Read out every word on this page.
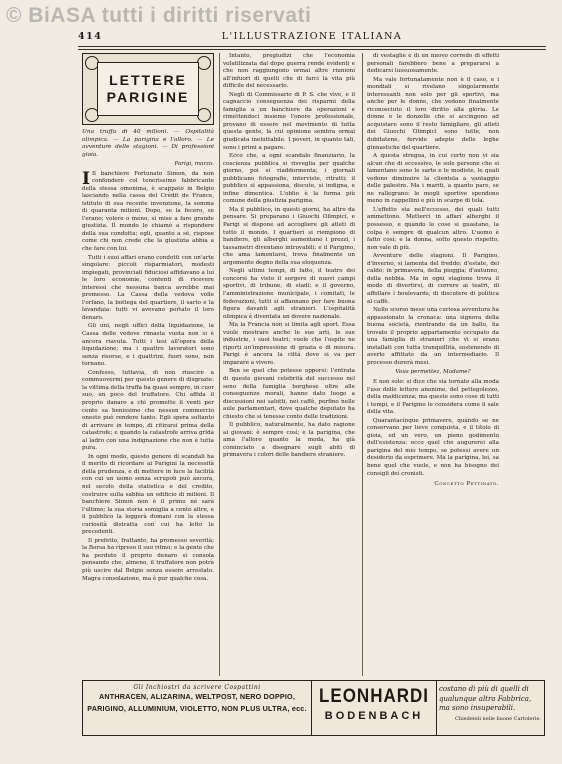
© BiASA tutti i diritti riservati
414	L'ILLUSTRAZIONE ITALIANA
LETTERE
PARIGINE
Una truffa di 40 milioni. — Ospitalità olimpica. — La parigina e l'alloro. — Le avventure delle stagioni. — Di professioni gioia.
Parigi, marzo.

I Il banchiere Fortunato Simon, da non confondere col tenerissimo fabbricante della stessa omonima, è scappato in Belgio lasciando nella cassa del Crédit de France, istituto di sua recente invenzione, la somma di quaranta milioni. Dopo, se la fecero, se l'erano; volere o meno, si mise a fare grande giustizia. Il mondo lo chiamò a rispondere della sua condotta; egli, quanto a sé, rispose come chi non crede che la giustizia abbia a che fare con lui.

Tutti i suoi affari erano condotti con un'arte singolare: piccoli risparmiatori, modesti impiegati, provinciali fiduciosi affidavano a lui le loro economie, contenti di ricevere interessi che nessuna banca avrebbe mai promesso. La Cassa della vedova volle l'orfano, la bottega del quartiere, il sarto e la lavandaia: tutti vi avevano portato il loro denaro.

Gli uni, negli uffici della liquidazione, la Cassa delle vedove rimasta vuota non si è ancora riavuta. Tutti i tesi all'opera della liquidazione; ma i quattro lavoratori sono senza risorse, e i quattrini, fuori sono, non tornano.

Confesso, tuttavia, di non riuscire a commuovermi per questo genere di disgrazie: la vittima della truffa ha quasi sempre, in cuor suo, un poco del truffatore. Chi affida il proprio danaro a chi promette il venti per cento sa benissimo che nessun commercio onesto può rendere tanto. Egli spera soltanto di arrivare in tempo, di ritirarsi prima della catastrofe; e quando la catastrofe arriva grida al ladro con una indignazione che non è tutta pura.

In ogni modo, questo genere di scandali ha il merito di ricordare ai Parigini la necessità della prudenza, e di mettere in luce la facilità con cui un uomo senza scrupoli può ancora, nel secolo della statistica e del credito, costruire sulla sabbia un edificio di milioni. Il banchiere Simon non è il primo né sarà l'ultimo; la sua storia somiglia a cento altre, e il pubblico la leggerà domani con la stessa curiosità distratta con cui ha letto le precedenti.

Il prefetto, frattanto, ha promesso severità; la Borsa ha ripreso il suo ritmo; e la gente che ha perduto il proprio denaro si consola pensando che, almeno, il truffatore non potrà più uscire dal Belgio senza essere arrestato. Magra consolazione, ma è pur qualche cosa.

Intanto, pregiudizi che l'economia volatilizzata dal dopo guerra rende evidenti e che non raggiungono ormai altre riunioni all'infuori di quelli che di farci la vita più difficile del necessario.

Negli di Commissario di P. S. che vive, e il cagnaccio conseguenza dei risparmi della famiglia a un banchiere da operazioni e rimettendoci insieme l'onore professionale, provano di essere nel movimento di tutta questa gente, la cui opinione sembra ormai giudicata ineluttabile. I poveri, in quanto tali, sono i primi a pagare.

Ecco che, a ogni scandalo finanziario, la coscienza pubblica si risveglia per qualche giorno, poi si riaddormenta; i giornali pubblicano fotografie, interviste, ritratti; il pubblico si appassiona, discute, si indigna, e infine dimentica. L'oblio è la forma più comune della giustizia parigina.

Ma il pubblico, in questi giorni, ha altro da pensare. Si preparano i Giuochi Olimpici, e Parigi si dispone ad accogliere gli atleti di tutto il mondo. I quartieri si riempiono di bandiere, gli alberghi aumentano i prezzi, i tassametri diventano introvabili; e il Parigino, che ama lamentarsi, trova finalmente un argomento degno della sua eloquenza.

Negli ultimi tempi, di fatto, il teatro dei concorsi ha visto il sorgere di nuovi campi sportivi, di tribune, di stadi; e il governo, l'amministrazione municipale, i comitati, le federazioni, tutti si affannano per fare buona figura davanti agli stranieri. L'ospitalità olimpica è diventata un dovere nazionale.

Ma la Francia non si limita agli sport. Essa vuole mostrare anche le sue arti, le sue industrie, i suoi teatri; vuole che l'ospite ne riporti un'impressione di grazia e di misura. Parigi è ancora la città dove si va per imparare a vivere.

Ben se quel che potesse opporsi: l'entrata di queste giovani celebrità del successo nel seno della famiglia borghese oltre alle conseguenze morali, hanno dato luogo a discussioni nei salotti, nei caffè, perfino nelle aule parlamentari, dove qualche deputato ha chiesto che si tenesse conto delle tradizioni.

Il pubblico, naturalmente, ha dato ragione ai giovani: è sempre così; e la parigina, che ama l'alloro quanto la moda, ha già cominciato a disegnare sugli abiti di primavera i colori delle bandiere straniere.

di vestaglie e di un nuovo corredo di effetti personali farebbero bene a prepararsi a dedicarsi lussuosamente.

Ma vale fortunatamente non è il caso, e i mondiali si rivelano singolarmente interessanti non solo per gli sportivi, ma anche per le donne, che vedono finalmente riconosciuto il loro diritto alla gloria. Le donne e le donzelle che si accingono ad acquistare sono il resto famigliare, gli atleti dei Giuochi Olimpici sono tutte, non dubitatene, fervide adepte delle leghe ginnastiche del quartiere.

A questa stregua, in cui certo non vi sia alcun che di eccessivo, le sole persone che si lamentano sono le sarte e le modiste, le quali vedono diminuire la clientela a vantaggio delle palestre. Ma i mariti, a quanto pare, se ne rallegrano: le mogli sportive spendono meno in cappellini e più in scarpe di tela.

L'effetto sta nell'eccesso, dei quali tutti ammettono. Metterci in affari alberghi il possesso, e quando le cose si guastano, la colpa è sempre di qualcun altro. L'uomo è fatto così; e la donna, sotto questo rispetto, non vale di più.

Avventure delle stagioni. Il Parigino, d'inverno, si lamenta del freddo; d'estate, del caldo; in primavera, della pioggia; d'autunno, della nebbia. Ma in ogni stagione trova il modo di divertirsi, di correre ai teatri, di affollare i boulevards, di discutere di politica al caffè.

Nello scorso mese una curiosa avventura ha appassionato la cronaca: una signora della buona società, rientrando da un ballo, ha trovato il proprio appartamento occupato da una famiglia di stranieri che vi si erano installati con tutta tranquillità, sostenendo di averlo affittato da un intermediario. Il processo durerà mesi.

Vous permettez, Madame?

E non solo: si dice che sia tornato alla moda l'uso delle lettere anonime, del pettegolezzo, della maldicenza; ma queste sono cose di tutti i tempi, e il Parigino le considera come il sale della vita.

Quarantacinque primavere, quando se ne conservano per lieve conquista, e il titolo di gioia, ed un vero, un pieno godimento dell'esistenza: ecco quel che augurerei alla parigina del mio tempo, se potessi avere un desiderio da esprimere. Ma la parigina, lei, sa bene quel che vuole, e non ha bisogno dei consigli dei cronisti.

Concetto Pettinato.
Gli Inchiostri da scrivere Cospattini
ANTHRACEN, ALIZARINA, WELTPOST, NERO DOPPIO,
PARIGINO, ALLUMINIUM, VIOLETTO, NON PLUS ULTRA, ecc.
LEONHARDI
BODENBACH
costano di più di quelli di qualunque altra Fabbrica, ma sono insuperabili.
Chiedeteli nelle buone Cartolerie.
